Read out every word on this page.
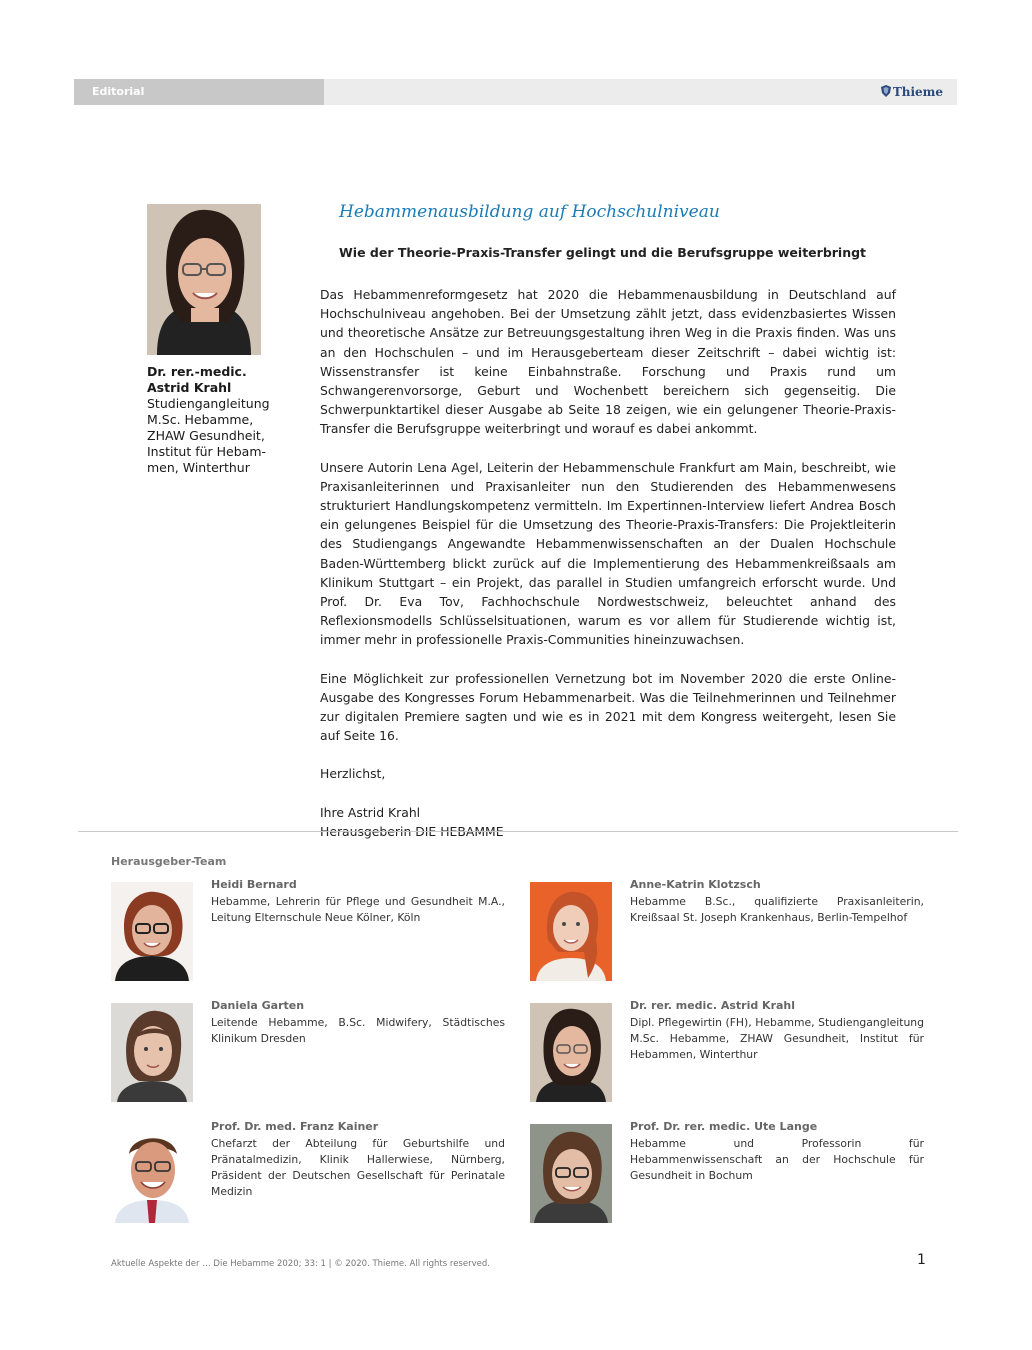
Editorial	Thieme
Dr. rer.-medic.
Astrid Krahl
Studiengangleitung
M.Sc. Hebamme,
ZHAW Gesundheit,
Institut für Hebam-
men, Winterthur
Hebammenausbildung auf Hochschulniveau
Wie der Theorie-Praxis-Transfer gelingt und die Berufsgruppe weiterbringt

Das Hebammenreformgesetz hat 2020 die Hebammenausbildung in Deutschland auf Hochschulniveau angehoben. Bei der Umsetzung zählt jetzt, dass evidenzbasiertes Wissen und theoretische Ansätze zur Betreuungsgestaltung ihren Weg in die Praxis finden. Was uns an den Hochschulen – und im Herausgeberteam dieser Zeitschrift – dabei wichtig ist: Wissenstransfer ist keine Einbahnstraße. Forschung und Praxis rund um Schwangerenvorsorge, Geburt und Wochenbett bereichern sich gegenseitig. Die Schwerpunktartikel dieser Ausgabe ab Seite 18 zeigen, wie ein gelungener Theorie-Praxis-Transfer die Berufsgruppe weiterbringt und worauf es dabei ankommt.

Unsere Autorin Lena Agel, Leiterin der Hebammenschule Frankfurt am Main, beschreibt, wie Praxisanleiterinnen und Praxisanleiter nun den Studierenden des Hebammenwesens strukturiert Handlungskompetenz vermitteln. Im Expertinnen-Interview liefert Andrea Bosch ein gelungenes Beispiel für die Umsetzung des Theorie-Praxis-Transfers: Die Projektleiterin des Studiengangs Angewandte Hebammenwissenschaften an der Dualen Hochschule Baden-Württemberg blickt zurück auf die Implementierung des Hebammenkreißsaals am Klinikum Stuttgart – ein Projekt, das parallel in Studien umfangreich erforscht wurde. Und Prof. Dr. Eva Tov, Fachhochschule Nordwestschweiz, beleuchtet anhand des Reflexionsmodells Schlüsselsituationen, warum es vor allem für Studierende wichtig ist, immer mehr in professionelle Praxis-Communities hineinzuwachsen.

Eine Möglichkeit zur professionellen Vernetzung bot im November 2020 die erste Online-Ausgabe des Kongresses Forum Hebammenarbeit. Was die Teilnehmerinnen und Teilnehmer zur digitalen Premiere sagten und wie es in 2021 mit dem Kongress weitergeht, lesen Sie auf Seite 16.

Herzlichst,

Ihre Astrid Krahl
Herausgeberin DIE HEBAMME

Herausgeber-Team
Heidi Bernard
Hebamme, Lehrerin für Pflege und Gesundheit M.A., Leitung Elternschule Neue Kölner, Köln
Anne-Katrin Klotzsch
Hebamme B.Sc., qualifizierte Praxisanleiterin, Kreißsaal St. Joseph Krankenhaus, Berlin-Tempelhof
Daniela Garten
Leitende Hebamme, B.Sc. Midwifery, Städtisches Klinikum Dresden
Dr. rer. medic. Astrid Krahl
Dipl. Pflegewirtin (FH), Hebamme, Studiengangleitung M.Sc. Hebamme, ZHAW Gesundheit, Institut für Hebammen, Winterthur
Prof. Dr. med. Franz Kainer
Chefarzt der Abteilung für Geburtshilfe und Pränatalmedizin, Klinik Hallerwiese, Nürnberg, Präsident der Deutschen Gesellschaft für Perinatale Medizin
Prof. Dr. rer. medic. Ute Lange
Hebamme und Professorin für Hebammenwissenschaft an der Hochschule für Gesundheit in Bochum
Aktuelle Aspekte der … Die Hebamme 2020; 33: 1 | © 2020. Thieme. All rights reserved.	1
